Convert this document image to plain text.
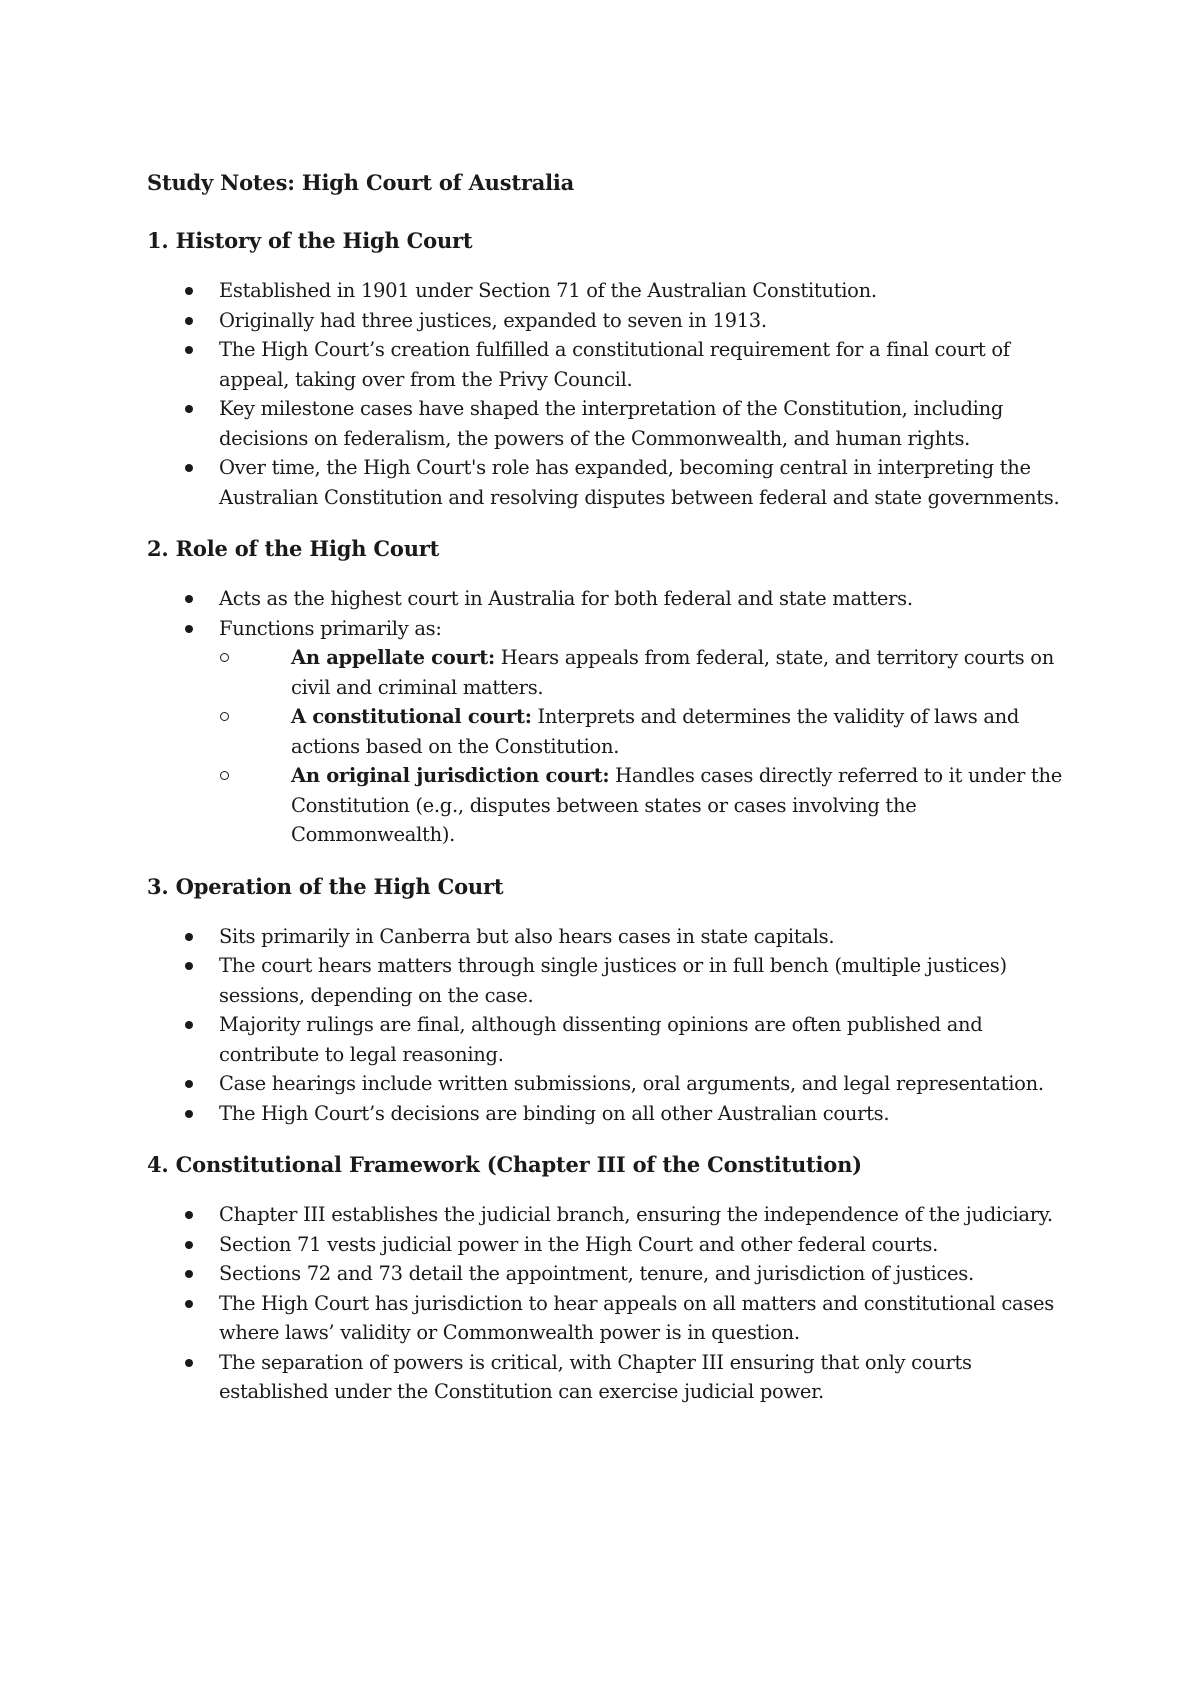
Study Notes: High Court of Australia
1. History of the High Court
Established in 1901 under Section 71 of the Australian Constitution.
Originally had three justices, expanded to seven in 1913.
The High Court’s creation fulfilled a constitutional requirement for a final court of appeal, taking over from the Privy Council.
Key milestone cases have shaped the interpretation of the Constitution, including decisions on federalism, the powers of the Commonwealth, and human rights.
Over time, the High Court's role has expanded, becoming central in interpreting the Australian Constitution and resolving disputes between federal and state governments.
2. Role of the High Court
Acts as the highest court in Australia for both federal and state matters.
Functions primarily as:
An appellate court: Hears appeals from federal, state, and territory courts on civil and criminal matters.
A constitutional court: Interprets and determines the validity of laws and actions based on the Constitution.
An original jurisdiction court: Handles cases directly referred to it under the Constitution (e.g., disputes between states or cases involving the Commonwealth).
3. Operation of the High Court
Sits primarily in Canberra but also hears cases in state capitals.
The court hears matters through single justices or in full bench (multiple justices) sessions, depending on the case.
Majority rulings are final, although dissenting opinions are often published and contribute to legal reasoning.
Case hearings include written submissions, oral arguments, and legal representation.
The High Court’s decisions are binding on all other Australian courts.
4. Constitutional Framework (Chapter III of the Constitution)
Chapter III establishes the judicial branch, ensuring the independence of the judiciary.
Section 71 vests judicial power in the High Court and other federal courts.
Sections 72 and 73 detail the appointment, tenure, and jurisdiction of justices.
The High Court has jurisdiction to hear appeals on all matters and constitutional cases where laws’ validity or Commonwealth power is in question.
The separation of powers is critical, with Chapter III ensuring that only courts established under the Constitution can exercise judicial power.
